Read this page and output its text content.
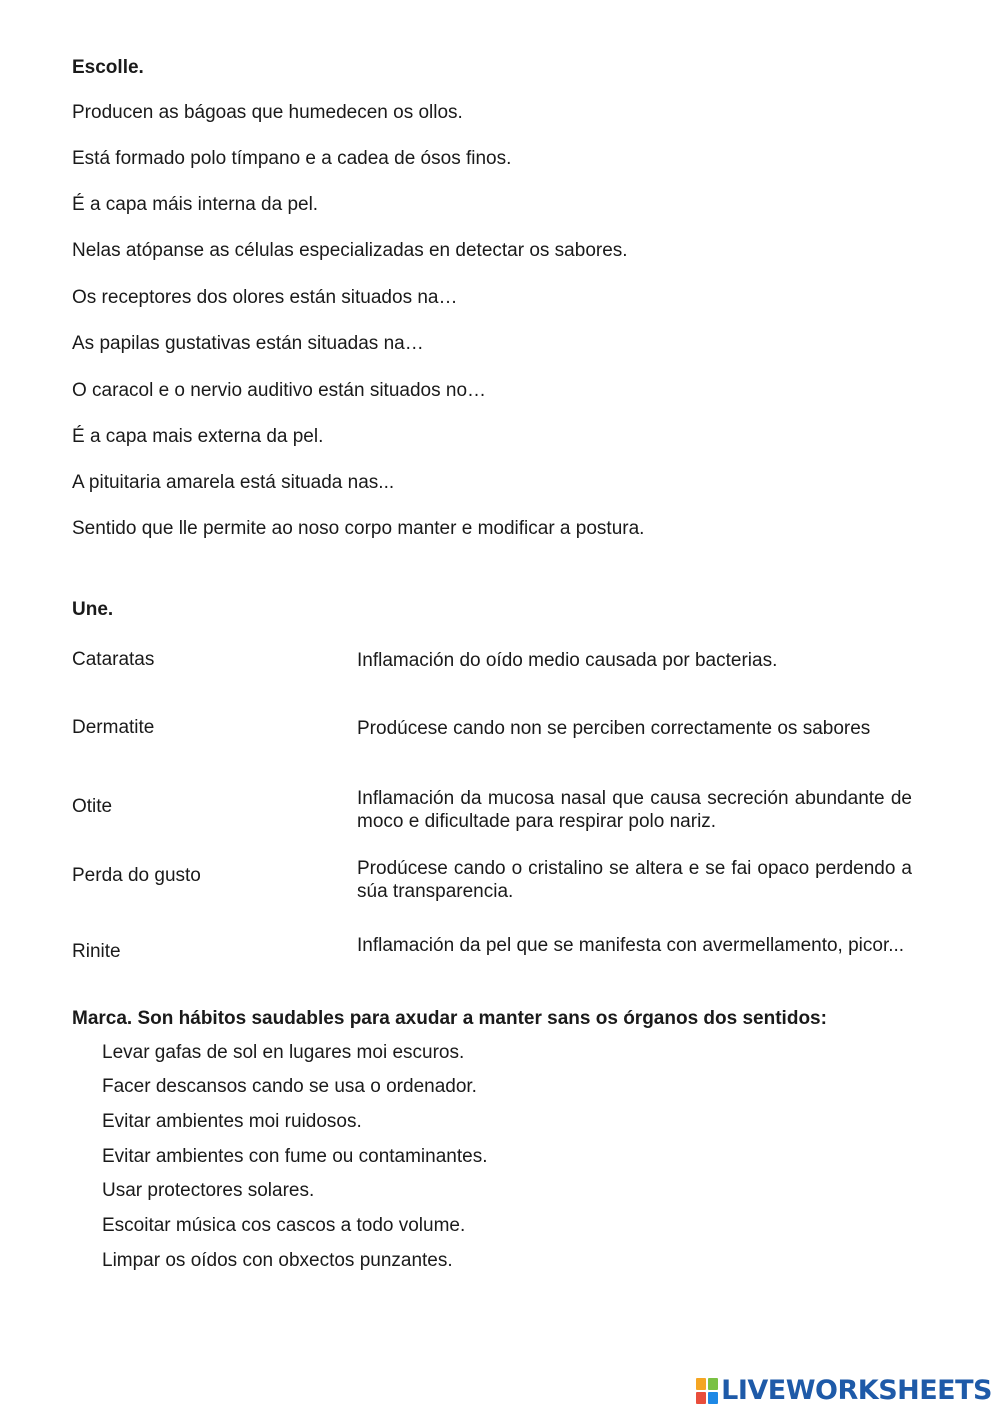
Escolle.
Producen as bágoas que humedecen os ollos.
Está formado polo tímpano e a cadea de ósos finos.
É a capa máis interna da pel.
Nelas atópanse as células especializadas en detectar os sabores.
Os receptores dos olores están situados na…
As papilas gustativas están situadas na…
O caracol e o nervio auditivo están situados no…
É a capa mais externa da pel.
A pituitaria amarela está situada nas...
Sentido que lle permite ao noso corpo manter e modificar a postura.
Une.
Cataratas
Dermatite
Otite
Perda do gusto
Rinite
Inflamación do oído medio causada por bacterias.
Prodúcese cando non se perciben correctamente os sabores
Inflamación da mucosa nasal que causa secreción abundante de moco e dificultade para respirar polo nariz.
Prodúcese cando o cristalino se altera e se fai opaco perdendo a súa transparencia.
Inflamación da pel que se manifesta con avermellamento, picor...
Marca. Son hábitos saudables para axudar a manter sans os órganos dos sentidos:
Levar gafas de sol en lugares moi escuros.
Facer descansos cando se usa o ordenador.
Evitar ambientes moi ruidosos.
Evitar ambientes con fume ou contaminantes.
Usar protectores solares.
Escoitar música cos cascos a todo volume.
Limpar os oídos con obxectos punzantes.
LIVEWORKSHEETS
